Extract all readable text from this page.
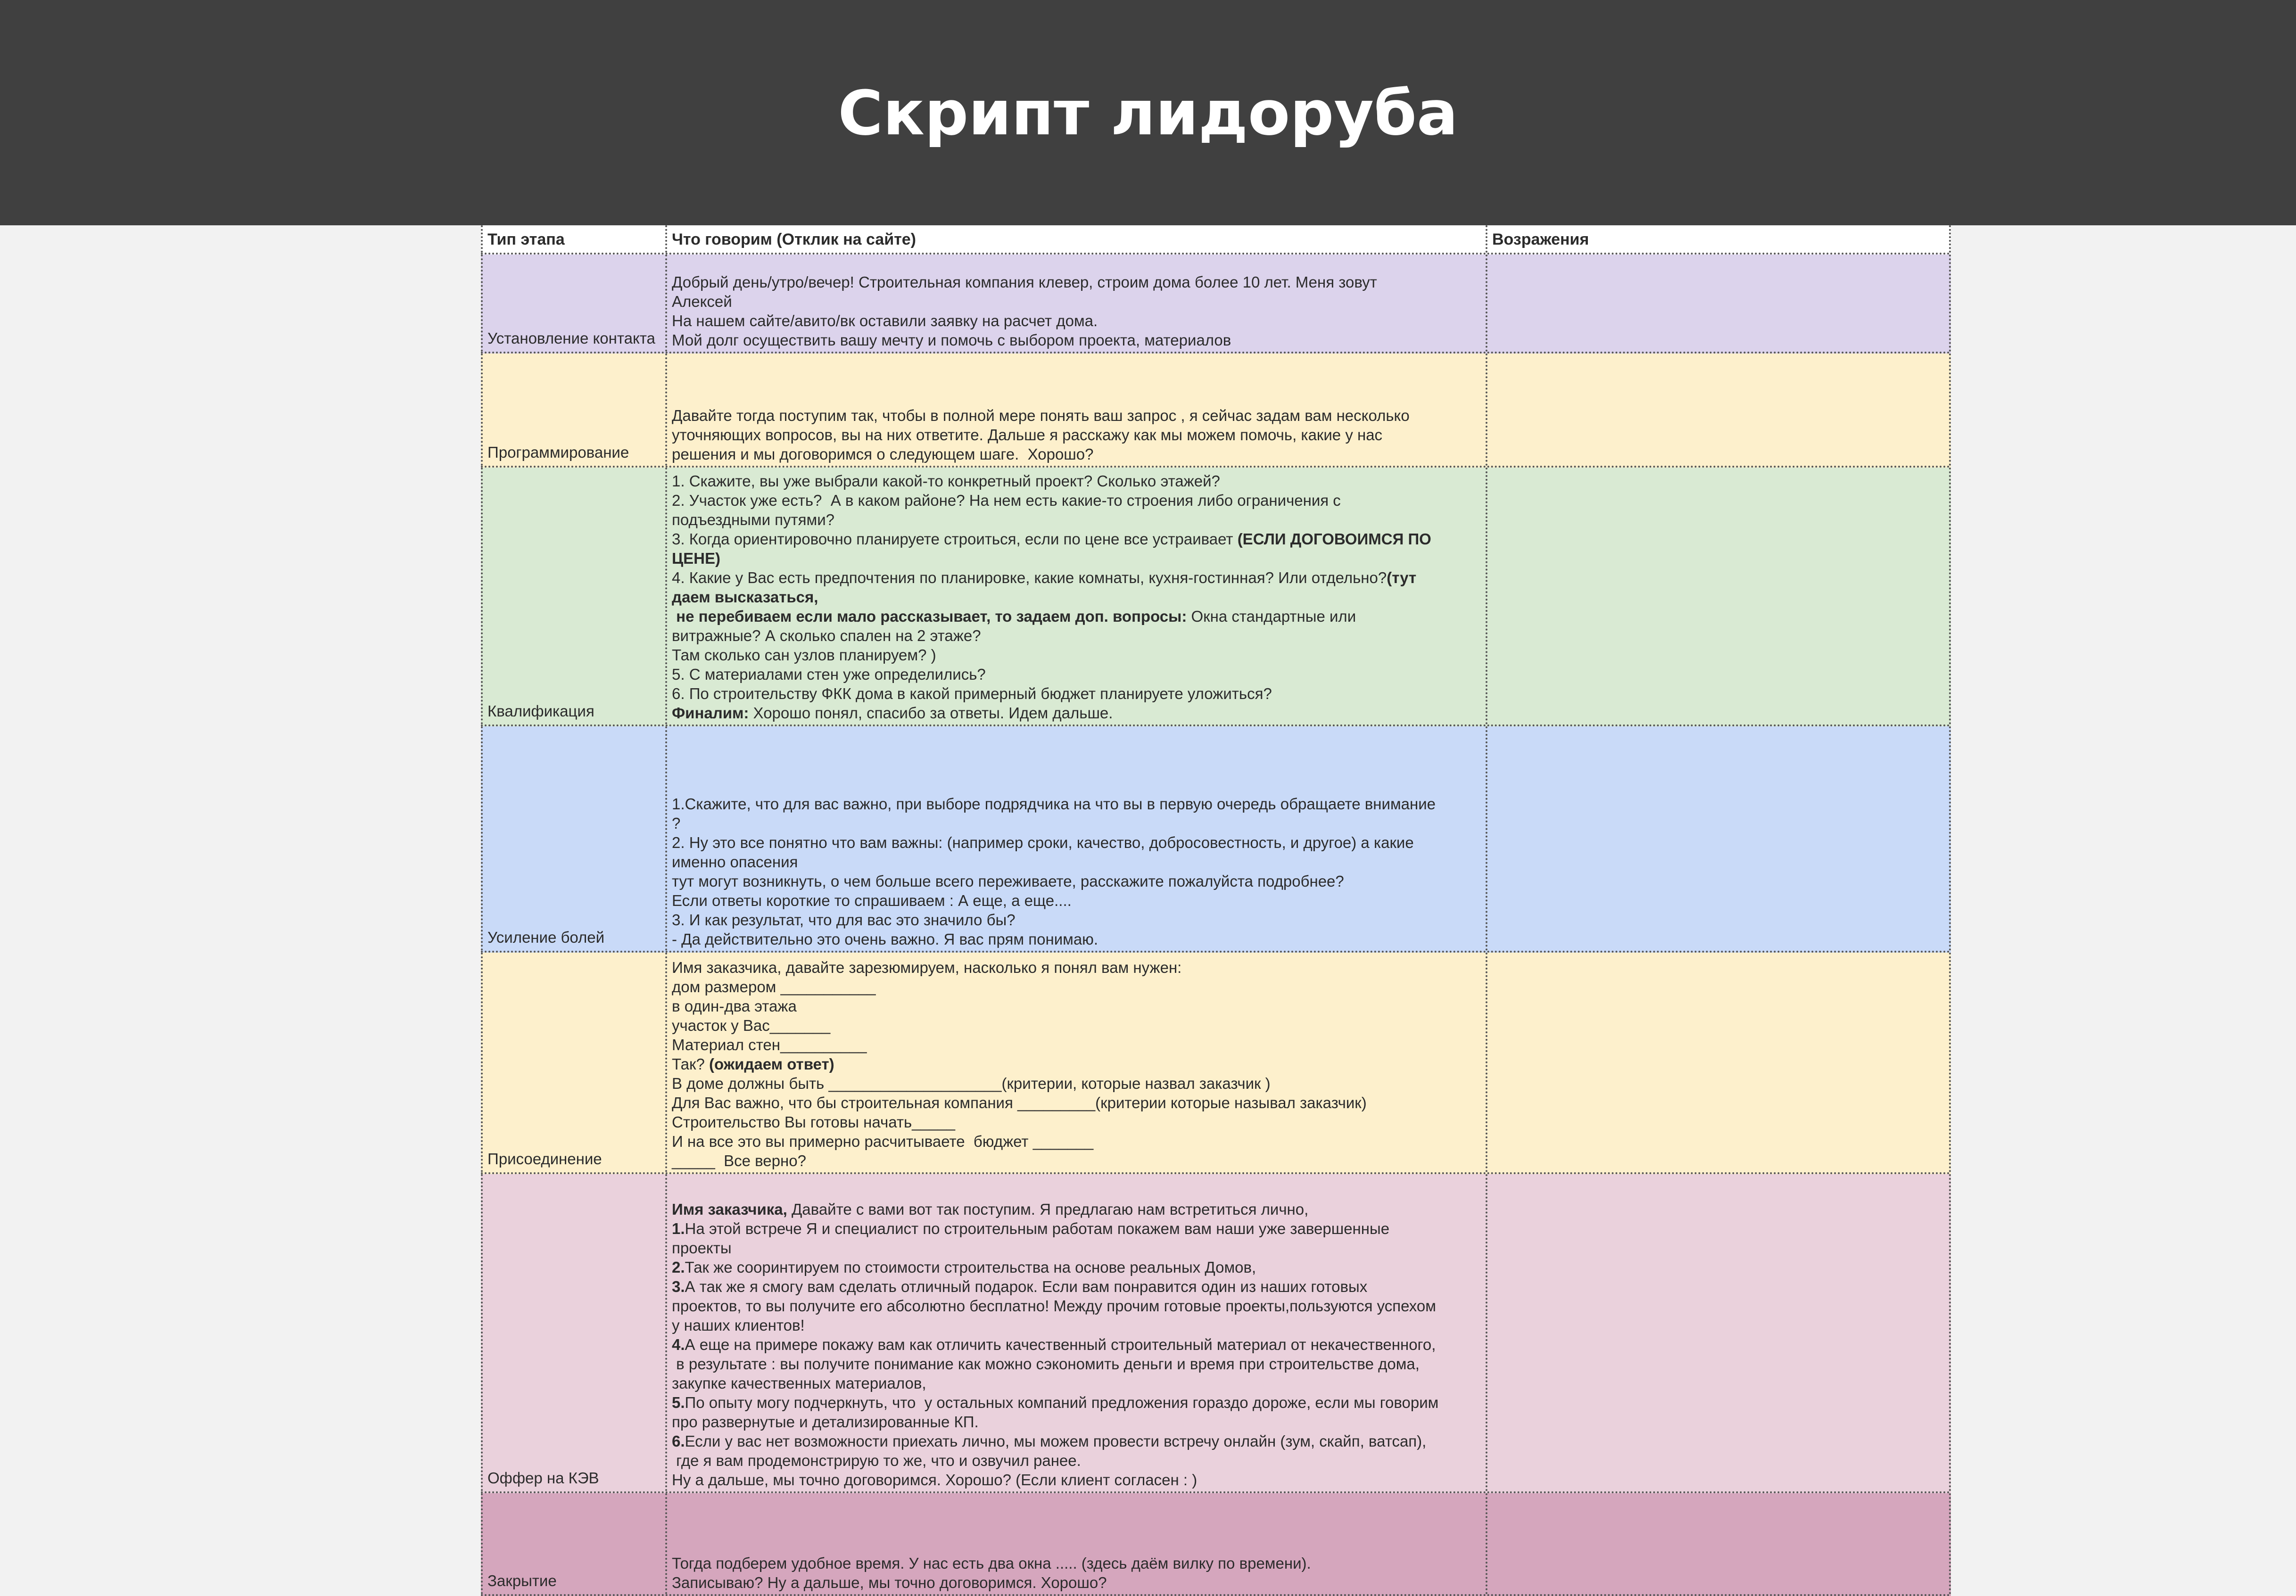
Скрипт лидоруба
Тип этапа	Что говорим (Отклик на сайте)	Возражения
Установление контакта
Добрый день/утро/вечер! Строительная компания клевер, строим дома более 10 лет. Меня зовут
Алексей
На нашем сайте/авито/вк оставили заявку на расчет дома.
Мой долг осуществить вашу мечту и помочь с выбором проекта, материалов
Программирование
Давайте тогда поступим так, чтобы в полной мере понять ваш запрос , я сейчас задам вам несколько
уточняющих вопросов, вы на них ответите. Дальше я расскажу как мы можем помочь, какие у нас
решения и мы договоримся о следующем шаге.  Хорошо?
Квалификация
1. Скажите, вы уже выбрали какой-то конкретный проект? Сколько этажей?
2. Участок уже есть?  А в каком районе? На нем есть какие-то строения либо ограничения с
подъездными путями?
3. Когда ориентировочно планируете строиться, если по цене все устраивает (ЕСЛИ ДОГОВОИМСЯ ПО
ЦЕНЕ)
4. Какие у Вас есть предпочтения по планировке, какие комнаты, кухня-гостинная? Или отдельно?(тут
даем высказаться,
не перебиваем если мало рассказывает, то задаем доп. вопросы: Окна стандартные или
витражные? А сколько спален на 2 этаже?
Там сколько сан узлов планируем? )
5. С материалами стен уже определились?
6. По строительству ФКК дома в какой примерный бюджет планируете уложиться?
Финалим: Хорошо понял, спасибо за ответы. Идем дальше.
Усиление болей
1.Скажите, что для вас важно, при выборе подрядчика на что вы в первую очередь обращаете внимание
?
2. Ну это все понятно что вам важны: (например сроки, качество, добросовестность, и другое) а какие
именно опасения
тут могут возникнуть, о чем больше всего переживаете, расскажите пожалуйста подробнее?
Если ответы короткие то спрашиваем : А еще, а еще....
3. И как результат, что для вас это значило бы?
- Да действительно это очень важно. Я вас прям понимаю.
Присоединение
Имя заказчика, давайте зарезюмируем, насколько я понял вам нужен:
дом размером ___________
в один-два этажа
участок у Вас_______
Материал стен__________
Так? (ожидаем ответ)
В доме должны быть ____________________(критерии, которые назвал заказчик )
Для Вас важно, что бы строительная компания _________(критерии которые называл заказчик)
Строительство Вы готовы начать_____
И на все это вы примерно расчитываете  бюджет _______
_____  Все верно?
Оффер на КЭВ
Имя заказчика, Давайте с вами вот так поступим. Я предлагаю нам встретиться лично,
1.На этой встрече Я и специалист по строительным работам покажем вам наши уже завершенные
проекты
2.Так же сооринтируем по стоимости строительства на основе реальных Домов,
3.А так же я смогу вам сделать отличный подарок. Если вам понравится один из наших готовых
проектов, то вы получите его абсолютно бесплатно! Между прочим готовые проекты,пользуются успехом
у наших клиентов!
4.А еще на примере покажу вам как отличить качественный строительный материал от некачественного,
в результате : вы получите понимание как можно сэкономить деньги и время при строительстве дома,
закупке качественных материалов,
5.По опыту могу подчеркнуть, что  у остальных компаний предложения гораздо дороже, если мы говорим
про развернутые и детализированные КП.
6.Если у вас нет возможности приехать лично, мы можем провести встречу онлайн (зум, скайп, ватсап),
где я вам продемонстрирую то же, что и озвучил ранее.
Ну а дальше, мы точно договоримся. Хорошо? (Если клиент согласен : )
Закрытие
Тогда подберем удобное время. У нас есть два окна ..... (здесь даём вилку по времени).
Записываю? Ну а дальше, мы точно договоримся. Хорошо?
